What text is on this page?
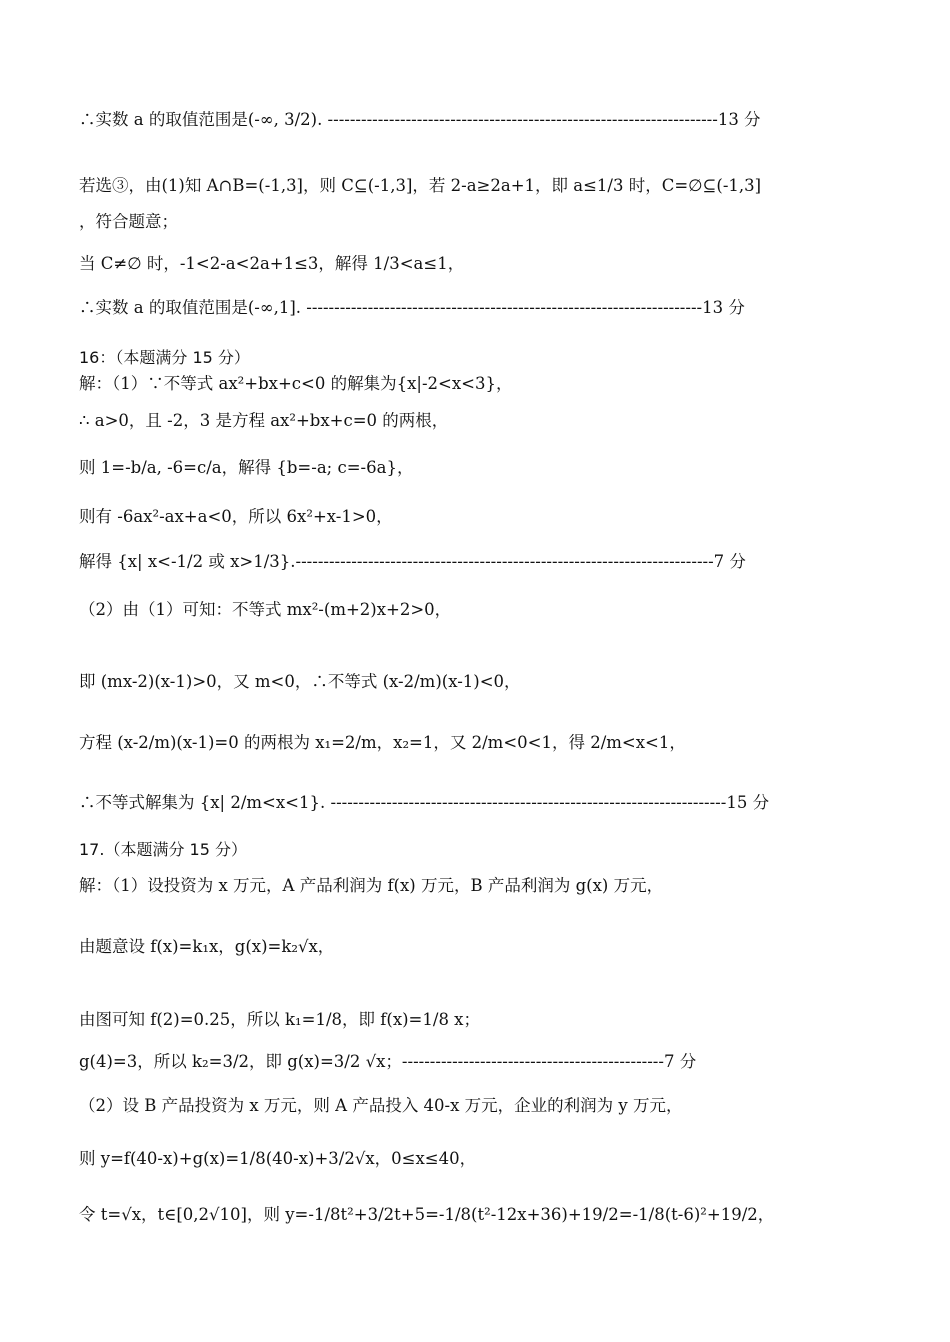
∴实数 a 的取值范围是(-∞, 3/2). ----------------------------------------------------------------------13 分
若选③，由(1)知 A∩B=(-1,3]，则 C⊆(-1,3]，若 2-a≥2a+1，即 a≤1/3 时，C=∅⊆(-1,3]
，符合题意；
当 C≠∅ 时，-1<2-a<2a+1≤3，解得 1/3<a≤1，
∴实数 a 的取值范围是(-∞,1]. -----------------------------------------------------------------------13 分
16：（本题满分 15 分）
解：（1）∵不等式 ax²+bx+c<0 的解集为{x|-2<x<3}，
∴ a>0，且 -2，3 是方程 ax²+bx+c=0 的两根，
则 1=-b/a, -6=c/a，解得 {b=-a; c=-6a}，
则有 -6ax²-ax+a<0，所以 6x²+x-1>0，
解得 {x| x<-1/2 或 x>1/3}.---------------------------------------------------------------------------7 分
（2）由（1）可知：不等式 mx²-(m+2)x+2>0，
即 (mx-2)(x-1)>0，又 m<0，∴不等式 (x-2/m)(x-1)<0，
方程 (x-2/m)(x-1)=0 的两根为 x₁=2/m，x₂=1，又 2/m<0<1，得 2/m<x<1，
∴不等式解集为 {x| 2/m<x<1}. -----------------------------------------------------------------------15 分
17.（本题满分 15 分）
解：（1）设投资为 x 万元，A 产品利润为 f(x) 万元，B 产品利润为 g(x) 万元，
由题意设 f(x)=k₁x，g(x)=k₂√x，
由图可知 f(2)=0.25，所以 k₁=1/8，即 f(x)=1/8 x；
g(4)=3，所以 k₂=3/2，即 g(x)=3/2 √x；-----------------------------------------------7 分
（2）设 B 产品投资为 x 万元，则 A 产品投入 40-x 万元，企业的利润为 y 万元，
则 y=f(40-x)+g(x)=1/8(40-x)+3/2√x，0≤x≤40，
令 t=√x，t∈[0,2√10]，则 y=-1/8t²+3/2t+5=-1/8(t²-12x+36)+19/2=-1/8(t-6)²+19/2，
